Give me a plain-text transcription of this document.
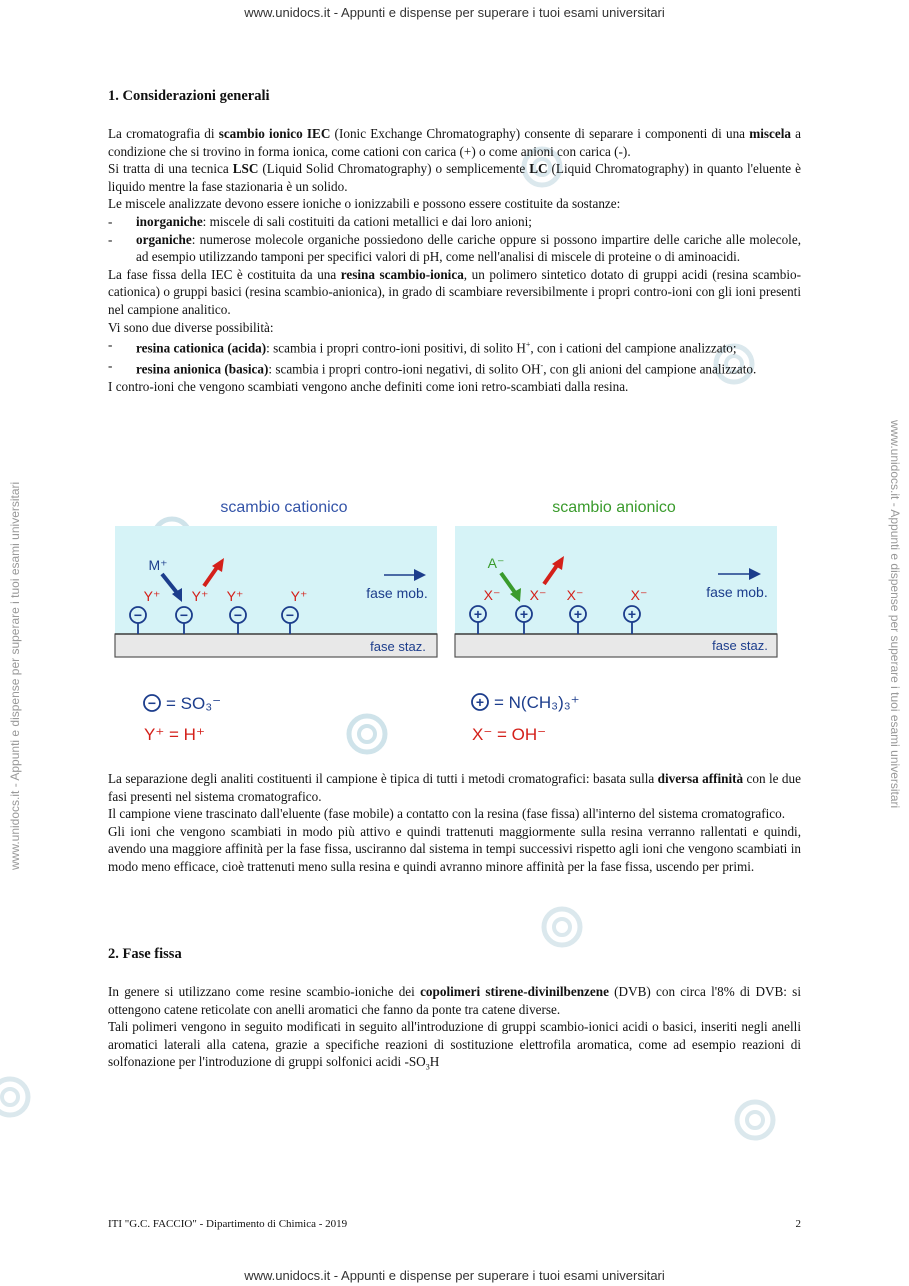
www.unidocs.it - Appunti e dispense per superare i tuoi esami universitari
www.unidocs.it - Appunti e dispense per superare i tuoi esami universitari
www.unidocs.it - Appunti e dispense per superare i tuoi esami universitari	www.unidocs.it - Appunti e dispense per superare i tuoi esami universitari
1. Considerazioni generali

La cromatografia di scambio ionico IEC (Ionic Exchange Chromatography) consente di separare i componenti di una miscela a condizione che si trovino in forma ionica, come cationi con carica (+) o come anioni con carica (-).

Si tratta di una tecnica LSC (Liquid Solid Chromatography) o semplicemente LC (Liquid Chromatography) in quanto l'eluente è liquido mentre la fase stazionaria è un solido.

Le miscele analizzate devono essere ioniche o ionizzabili e possono essere costituite da sostanze:

- inorganiche: miscele di sali costituiti da cationi metallici e dai loro anioni;
- organiche: numerose molecole organiche possiedono delle cariche oppure si possono impartire delle cariche alle molecole, ad esempio utilizzando tamponi per specifici valori di pH, come nell'analisi di miscele di proteine o di aminoacidi.

La fase fissa della IEC è costituita da una resina scambio-ionica, un polimero sintetico dotato di gruppi acidi (resina scambio-cationica) o gruppi basici (resina scambio-anionica), in grado di scambiare reversibilmente i propri contro-ioni con gli ioni presenti nel campione analitico.

Vi sono due diverse possibilità:

- resina cationica (acida): scambia i propri contro-ioni positivi, di solito H+, con i cationi del campione analizzato;
- resina anionica (basica): scambia i propri contro-ioni negativi, di solito OH-, con gli anioni del campione analizzato.

I contro-ioni che vengono scambiati vengono anche definiti come ioni retro-scambiati dalla resina.

scambio cationico	scambio anionico
fase staz.
fase mob.
−	−	−	−
Y⁺ Y⁺ Y⁺	Y⁺
M⁺
fase staz.
fase mob.
+	+	+	+
X⁻ X⁻ X⁻	X⁻
A⁻
− = SO₃⁻
Y⁺ = H⁺
+ = N(CH₃)₃⁺
X⁻ = OH⁻

La separazione degli analiti costituenti il campione è tipica di tutti i metodi cromatografici: basata sulla diversa affinità con le due fasi presenti nel sistema cromatografico.

Il campione viene trascinato dall'eluente (fase mobile) a contatto con la resina (fase fissa) all'interno del sistema cromatografico.

Gli ioni che vengono scambiati in modo più attivo e quindi trattenuti maggiormente sulla resina verranno rallentati e quindi, avendo una maggiore affinità per la fase fissa, usciranno dal sistema in tempi successivi rispetto agli ioni che vengono scambiati in modo meno efficace, cioè trattenuti meno sulla resina e quindi avranno minore affinità per la fase fissa, uscendo per primi.

2. Fase fissa

In genere si utilizzano come resine scambio-ioniche dei copolimeri stirene-divinilbenzene (DVB) con circa l'8% di DVB: si ottengono catene reticolate con anelli aromatici che fanno da ponte tra catene diverse.

Tali polimeri vengono in seguito modificati in seguito all'introduzione di gruppi scambio-ionici acidi o basici, inseriti negli anelli aromatici laterali alla catena, grazie a specifiche reazioni di sostituzione elettrofila aromatica, come ad esempio reazioni di solfonazione per l'introduzione di gruppi solfonici acidi $-SO_3H$

ITI "G.C. FACCIO" - Dipartimento di Chimica - 2019	2
